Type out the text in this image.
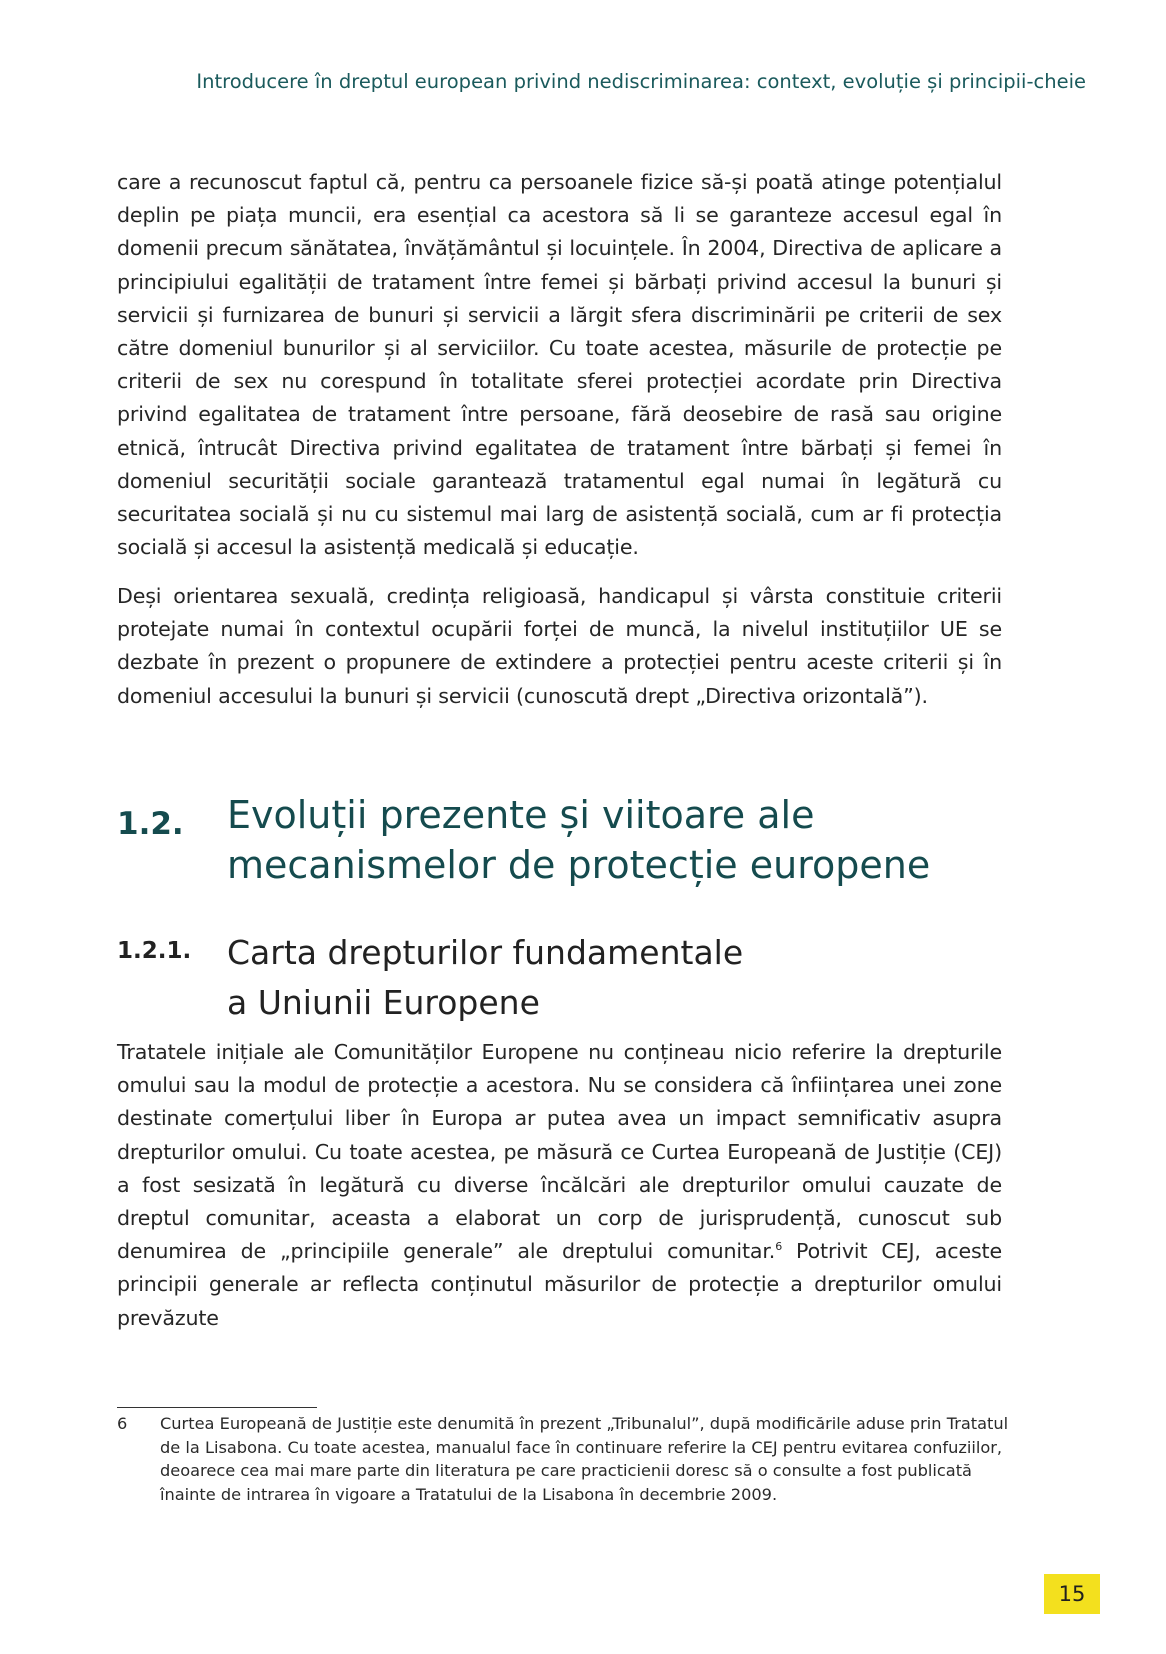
Introducere în dreptul european privind nediscriminarea: context, evoluție și principii-cheie

care a recunoscut faptul că, pentru ca persoanele fizice să-și poată atinge potențialul deplin pe piața muncii, era esențial ca acestora să li se garanteze accesul egal în domenii precum sănătatea, învățământul și locuințele. În 2004, Directiva de aplicare a principiului egalității de tratament între femei și bărbați privind accesul la bunuri și servicii și furnizarea de bunuri și servicii a lărgit sfera discriminării pe criterii de sex către domeniul bunurilor și al serviciilor. Cu toate acestea, măsurile de protecție pe criterii de sex nu corespund în totalitate sferei protecției acordate prin Directiva privind egalitatea de tratament între persoane, fără deosebire de rasă sau origine etnică, întrucât Directiva privind egalitatea de tratament între bărbați și femei în domeniul securității sociale garantează tratamentul egal numai în legătură cu securitatea socială și nu cu sistemul mai larg de asistență socială, cum ar fi protecția socială și accesul la asistență medicală și educație.

Deși orientarea sexuală, credința religioasă, handicapul și vârsta constituie criterii protejate numai în contextul ocupării forței de muncă, la nivelul instituțiilor UE se dezbate în prezent o propunere de extindere a protecției pentru aceste criterii și în domeniul accesului la bunuri și servicii (cunoscută drept „Directiva orizontală”).

1.2. Evoluții prezente și viitoare ale
mecanismelor de protecție europene
1.2.1. Carta drepturilor fundamentale
a Uniunii Europene

Tratatele inițiale ale Comunităților Europene nu conțineau nicio referire la drepturile omului sau la modul de protecție a acestora. Nu se considera că înființarea unei zone destinate comerțului liber în Europa ar putea avea un impact semnificativ asupra drepturilor omului. Cu toate acestea, pe măsură ce Curtea Europeană de Justiție (CEJ) a fost sesizată în legătură cu diverse încălcări ale drepturilor omului cauzate de dreptul comunitar, aceasta a elaborat un corp de jurisprudență, cunoscut sub denumirea de „principiile generale” ale dreptului comunitar.$^6$ Potrivit CEJ, aceste principii generale ar reflecta conținutul măsurilor de protecție a drepturilor omului prevăzute

6 Curtea Europeană de Justiție este denumită în prezent „Tribunalul”, după modificările aduse prin Tratatul de la Lisabona. Cu toate acestea, manualul face în continuare referire la CEJ pentru evitarea confuziilor, deoarece cea mai mare parte din literatura pe care practicienii doresc să o consulte a fost publicată înainte de intrarea în vigoare a Tratatului de la Lisabona în decembrie 2009.

15
